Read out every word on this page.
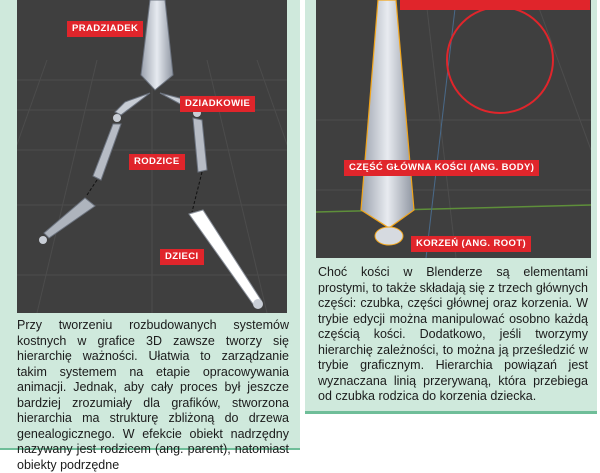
PRADZIADEK
DZIADKOWIE
RODZICE
DZIECI

Przy tworzeniu rozbudowanych systemów kostnych w grafice 3D zawsze tworzy się hierarchię ważności. Ułatwia to zarządzanie takim systemem na etapie opracowywania animacji. Jednak, aby cały proces był jeszcze bardziej zrozumiały dla grafików, stworzona hierarchia ma strukturę zbliżoną do drzewa genealogicznego. W efekcie obiekt nadrzędny nazywany jest rodzicem (ang. parent), natomiast obiekty podrzędne

CZĘŚĆ GŁÓWNA KOŚCI (ANG. BODY)
KORZEŃ (ANG. ROOT)

Choć kości w Blenderze są elementami prostymi, to także składają się z trzech głównych części: czubka, części głównej oraz korzenia. W trybie edycji można manipulować osobno każdą częścią kości. Dodatkowo, jeśli tworzymy hierarchię zależności, to można ją prześledzić w trybie graficznym. Hierarchia powiązań jest wyznaczana linią przerywaną, która przebiega od czubka rodzica do korzenia dziecka.
